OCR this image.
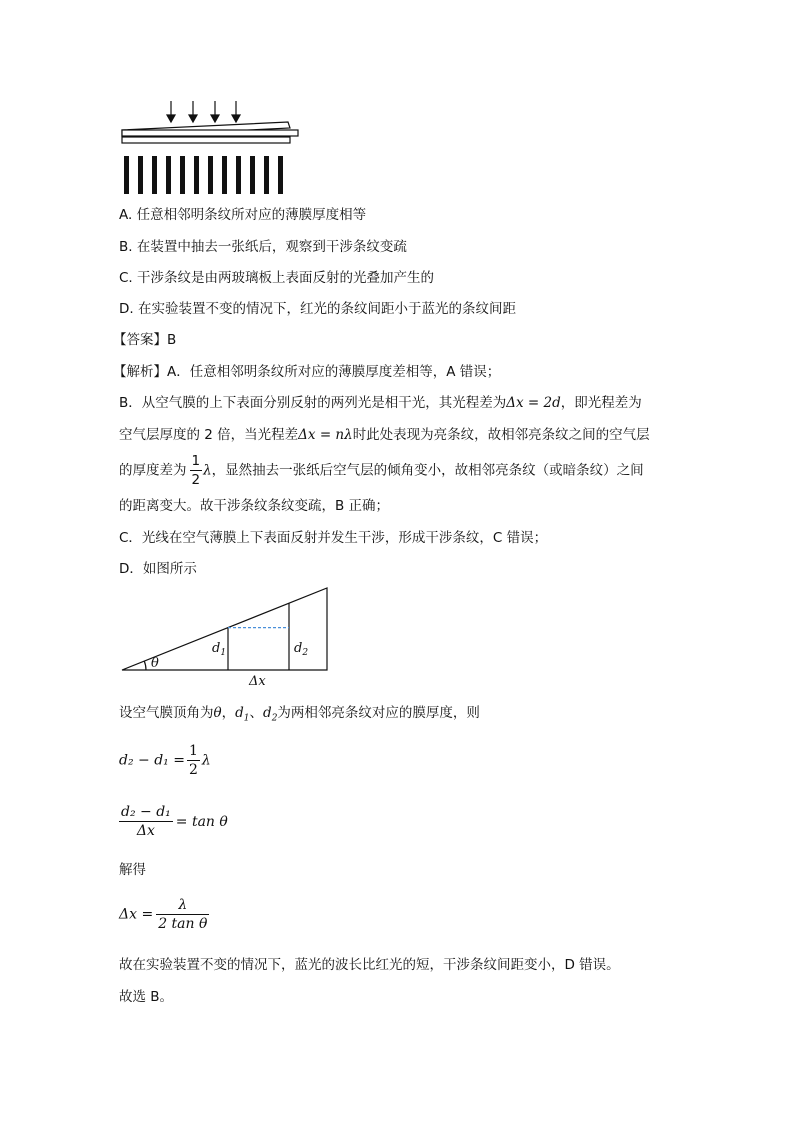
A. 任意相邻明条纹所对应的薄膜厚度相等
B. 在装置中抽去一张纸后，观察到干涉条纹变疏
C. 干涉条纹是由两玻璃板上表面反射的光叠加产生的
D. 在实验装置不变的情况下，红光的条纹间距小于蓝光的条纹间距
【答案】B
【解析】A．任意相邻明条纹所对应的薄膜厚度差相等，A 错误；
B．从空气膜的上下表面分别反射的两列光是相干光，其光程差为Δx = 2d，即光程差为
空气层厚度的 2 倍，当光程差Δx = nλ时此处表现为亮条纹，故相邻亮条纹之间的空气层
的厚度差为 $\frac{1}{2}$ λ，显然抽去一张纸后空气层的倾角变小，故相邻亮条纹（或暗条纹）之间
的距离变大。故干涉条纹条纹变疏，B 正确；
C．光线在空气薄膜上下表面反射并发生干涉，形成干涉条纹，C 错误；
D．如图所示
θ
$d_1$	$d_2$
Δx
设空气膜顶角为θ，$d_1$、$d_2$为两相邻亮条纹对应的膜厚度，则
$d_2 - d_1 = \frac{1}{2}$ λ
$\frac{\text{d₂ − d₁}}{\Delta x} = \tan \theta$
解得
$\Delta x = \frac{\lambda}{\text{2 tan θ}}$
故在实验装置不变的情况下，蓝光的波长比红光的短，干涉条纹间距变小，D 错误。
故选 B。
